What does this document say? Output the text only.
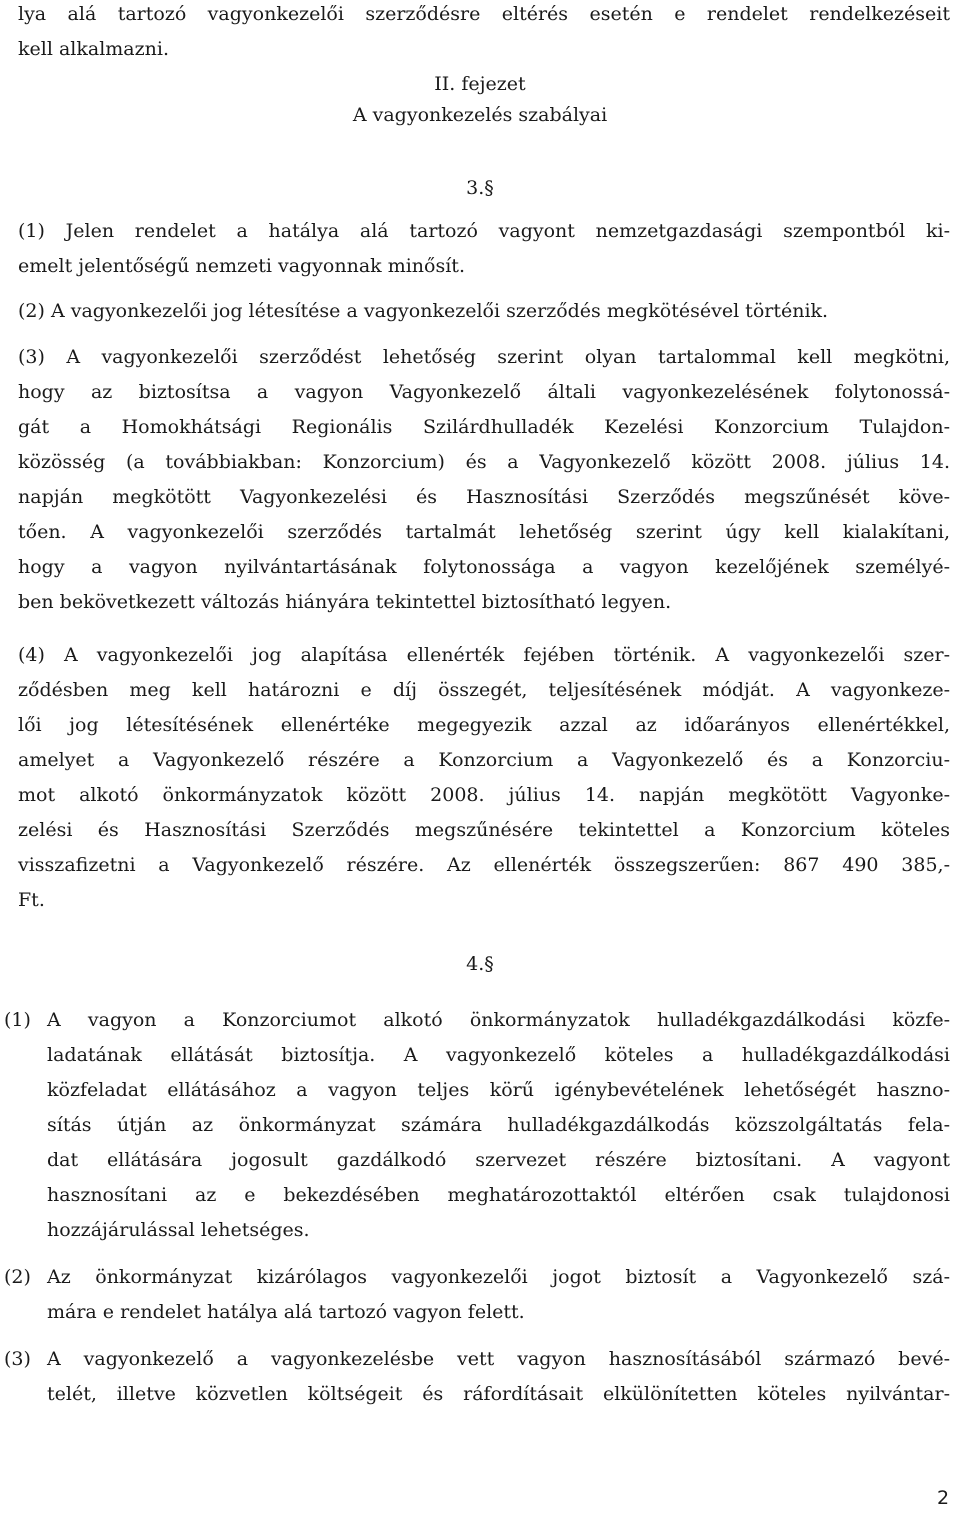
lya alá tartozó vagyonkezelői szerződésre eltérés esetén e rendelet rendelkezéseit
kell alkalmazni.
II. fejezet
A vagyonkezelés szabályai
3.§
(1) Jelen rendelet a hatálya alá tartozó vagyont nemzetgazdasági szempontból ki-
emelt jelentőségű nemzeti vagyonnak minősít.
(2) A vagyonkezelői jog létesítése a vagyonkezelői szerződés megkötésével történik.
(3) A vagyonkezelői szerződést lehetőség szerint olyan tartalommal kell megkötni,
hogy az biztosítsa a vagyon Vagyonkezelő általi vagyonkezelésének folytonossá-
gát a Homokhátsági Regionális Szilárdhulladék Kezelési Konzorcium Tulajdon-
közösség (a továbbiakban: Konzorcium) és a Vagyonkezelő között 2008. július 14.
napján megkötött Vagyonkezelési és Hasznosítási Szerződés megszűnését köve-
tően. A vagyonkezelői szerződés tartalmát lehetőség szerint úgy kell kialakítani,
hogy a vagyon nyilvántartásának folytonossága a vagyon kezelőjének személyé-
ben bekövetkezett változás hiányára tekintettel biztosítható legyen.
(4) A vagyonkezelői jog alapítása ellenérték fejében történik. A vagyonkezelői szer-
ződésben meg kell határozni e díj összegét, teljesítésének módját. A vagyonkeze-
lői jog létesítésének ellenértéke megegyezik azzal az időarányos ellenértékkel,
amelyet a Vagyonkezelő részére a Konzorcium a Vagyonkezelő és a Konzorciu-
mot alkotó önkormányzatok között 2008. július 14. napján megkötött Vagyonke-
zelési és Hasznosítási Szerződés megszűnésére tekintettel a Konzorcium köteles
visszafizetni a Vagyonkezelő részére. Az ellenérték összegszerűen: 867 490 385,-
Ft.
4.§
(1) A vagyon a Konzorciumot alkotó önkormányzatok hulladékgazdálkodási közfe-
ladatának ellátását biztosítja. A vagyonkezelő köteles a hulladékgazdálkodási
közfeladat ellátásához a vagyon teljes körű igénybevételének lehetőségét haszno-
sítás útján az önkormányzat számára hulladékgazdálkodás közszolgáltatás fela-
dat ellátására jogosult gazdálkodó szervezet részére biztosítani. A vagyont
hasznosítani az e bekezdésében meghatározottaktól eltérően csak tulajdonosi
hozzájárulással lehetséges.
(2) Az önkormányzat kizárólagos vagyonkezelői jogot biztosít a Vagyonkezelő szá-
mára e rendelet hatálya alá tartozó vagyon felett.
(3) A vagyonkezelő a vagyonkezelésbe vett vagyon hasznosításából származó bevé-
telét, illetve közvetlen költségeit és ráfordításait elkülönítetten köteles nyilvántar-
2
